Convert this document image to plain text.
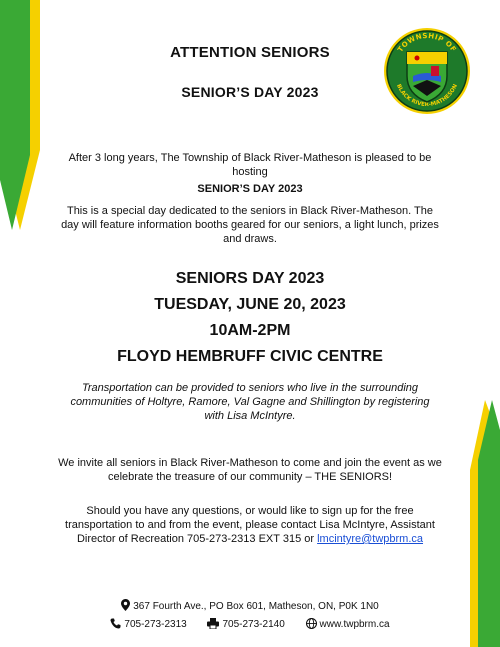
ATTENTION SENIORS
SENIOR’S DAY 2023
TOWNSHIP OF
BLACK RIVER-MATHESON
After 3 long years, The Township of Black River-Matheson is pleased to be hosting
SENIOR’S DAY 2023
This is a special day dedicated to the seniors in Black River-Matheson. The day will feature information booths geared for our seniors, a light lunch, prizes and draws.
SENIORS DAY 2023
TUESDAY, JUNE 20, 2023
10AM-2PM
FLOYD HEMBRUFF CIVIC CENTRE
Transportation can be provided to seniors who live in the surrounding communities of Holtyre, Ramore, Val Gagne and Shillington by registering with Lisa McIntyre.
We invite all seniors in Black River-Matheson to come and join the event as we celebrate the treasure of our community – THE SENIORS!
Should you have any questions, or would like to sign up for the free transportation to and from the event, please contact Lisa McIntyre, Assistant Director of Recreation 705-273-2313 EXT 315 or lmcintyre@twpbrm.ca
367 Fourth Ave., PO Box 601, Matheson, ON, P0K 1N0
705-273-2313	705-273-2140	www.twpbrm.ca
